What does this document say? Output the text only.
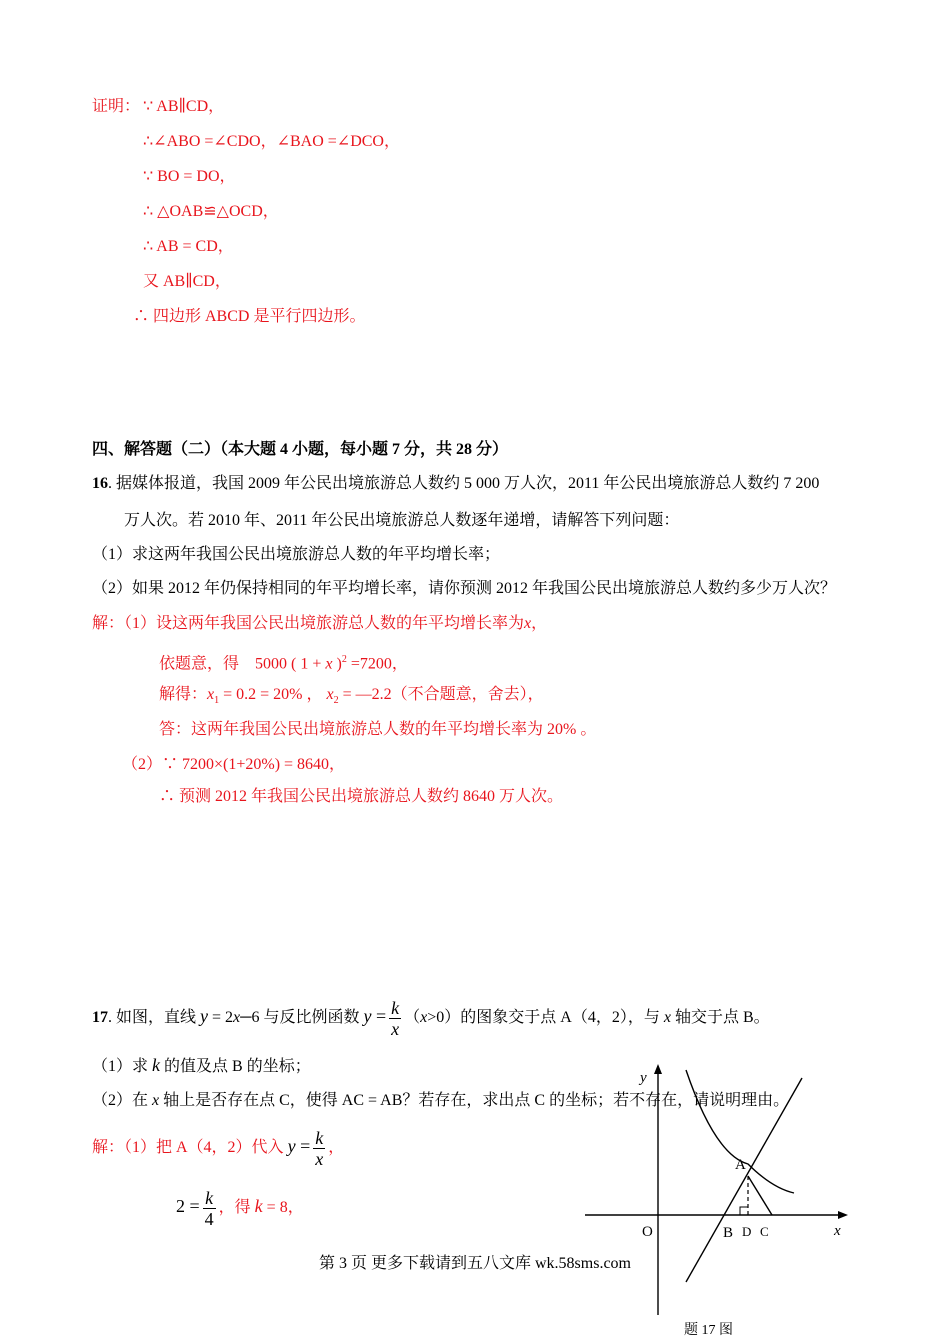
证明： ∵ AB∥CD，
∴∠ABO =∠CDO，∠BAO =∠DCO，
∵ BO = DO，
∴ △OAB≌△OCD，
∴ AB = CD，
又 AB∥CD，
∴ 四边形 ABCD 是平行四边形。
四、解答题（二）（本大题 4 小题，每小题 7 分，共 28 分）
16. 据媒体报道，我国 2009 年公民出境旅游总人数约 5 000 万人次，2011 年公民出境旅游总人数约 7 200
万人次。若 2010 年、2011 年公民出境旅游总人数逐年递增，请解答下列问题：
（1）求这两年我国公民出境旅游总人数的年平均增长率；
（2）如果 2012 年仍保持相同的年平均增长率，请你预测 2012 年我国公民出境旅游总人数约多少万人次？
解：（1）设这两年我国公民出境旅游总人数的年平均增长率为x，
依题意，得 5000 ( 1 + x )$^2$ =7200，
解得：$x_1 = 0.2 = 20\%$ ， $x_2$ = —2.2（不合题意，舍去），
答：这两年我国公民出境旅游总人数的年平均增长率为 20% 。
（2）∵ 7200×(1+20%) = 8640，
∴ 预测 2012 年我国公民出境旅游总人数约 8640 万人次。
17. 如图，直线 y = 2x─6 与反比例函数 $y = \frac{k}{x} (x>0)$的图象交于点 A（4，2），与 x 轴交于点 B。
（1）求 k 的值及点 B 的坐标；
（2）在 x 轴上是否存在点 C，使得 AC = AB？若存在，求出点 C 的坐标；若不存在，请说明理由。
解：（1）把 A（4，2）代入 $y = \frac{k}{x}$ ，
$2 = \frac{k}{4}$ ，得 k = 8，
y
x
O
A
B D C
第 3 页 更多下载请到五八文库 wk.58sms.com
题 17 图
